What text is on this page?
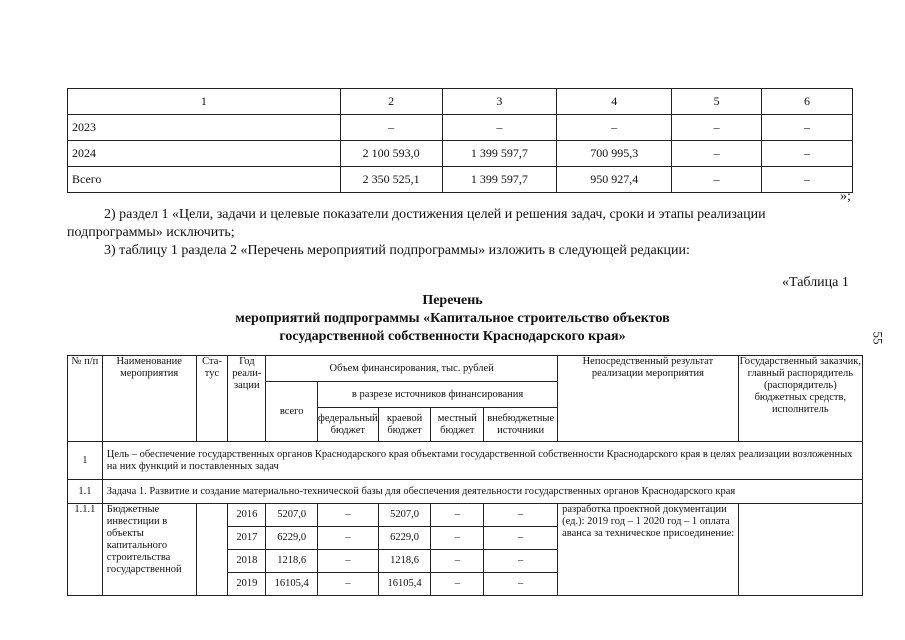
1	2	3	4	5	6
2023	–	–	–	–	–
2024	2 100 593,0	1 399 597,7	700 995,3	–	–
Всего	2 350 525,1	1 399 597,7	950 927,4	–	–
»;
2) раздел 1 «Цели, задачи и целевые показатели достижения целей и решения задач, сроки и этапы реализации
подпрограммы» исключить;
3) таблицу 1 раздела 2 «Перечень мероприятий подпрограммы» изложить в следующей редакции:
«Таблица 1
Перечень
мероприятий подпрограммы «Капитальное строительство объектов
государственной собственности Краснодарского края»	55
№ п/п	Наименование мероприятия	Ста-тус	Год реали-зации	Объем финансирования, тыс. рублей					Непосредственный результат реализации мероприятия	Государственный заказчик, главный распорядитель (распорядитель) бюджетных средств, исполнитель
				всего	в разрезе источников финансирования					
					федеральный бюджет	краевой бюджет	местный бюджет	внебюджетные источники		
1	Цель – обеспечение государственных органов Краснодарского края объектами государственной собственности Краснодарского края в целях реализации возложенных на них функций и поставленных задач									
1.1	Задача 1. Развитие и создание материально-технической базы для обеспечения деятельности государственных органов Краснодарского края									
1.1.1	Бюджетные инвестиции в объекты капитального строительства государственной		2016	5207,0	–	5207,0	–	–	разработка проектной документации (ед.): 2019 год – 1 2020 год – 1 оплата аванса за техническое присоединение:	
			2017	6229,0	–	6229,0	–	–		
			2018	1218,6	–	1218,6	–	–		
			2019	16105,4	–	16105,4	–	–		
